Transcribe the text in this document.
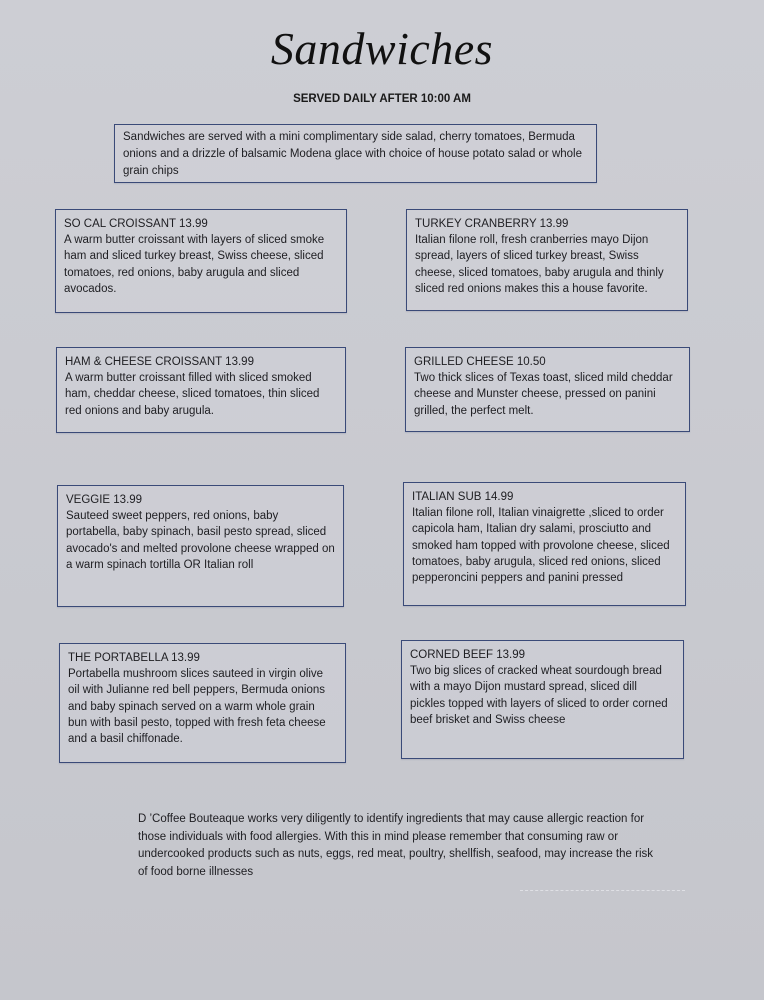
Sandwiches
SERVED DAILY AFTER 10:00 AM
Sandwiches are served with a mini complimentary side salad, cherry tomatoes, Bermuda onions and a drizzle of balsamic Modena glace with choice of house potato salad or whole grain chips
SO CAL CROISSANT 13.99
A warm butter croissant with layers of sliced smoke ham and sliced turkey breast, Swiss cheese, sliced tomatoes, red onions, baby arugula and sliced avocados.
TURKEY CRANBERRY 13.99
Italian filone roll, fresh cranberries mayo Dijon spread, layers of sliced turkey breast, Swiss cheese, sliced tomatoes, baby arugula and thinly sliced red onions makes this a house favorite.
HAM & CHEESE CROISSANT 13.99
A warm butter croissant filled with sliced smoked ham, cheddar cheese, sliced tomatoes, thin sliced red onions and baby arugula.
GRILLED CHEESE 10.50
Two thick slices of Texas toast, sliced mild cheddar cheese and Munster cheese, pressed on panini grilled, the perfect melt.
VEGGIE 13.99
Sauteed sweet peppers, red onions, baby portabella, baby spinach, basil pesto spread, sliced avocado's and melted provolone cheese wrapped on a warm spinach tortilla OR Italian roll
ITALIAN SUB 14.99
Italian filone roll, Italian vinaigrette ,sliced to order capicola ham, Italian dry salami, prosciutto and smoked ham topped with provolone cheese, sliced tomatoes, baby arugula, sliced red onions, sliced pepperoncini peppers and panini pressed
THE PORTABELLA 13.99
Portabella mushroom slices sauteed in virgin olive oil with Julianne red bell peppers, Bermuda onions and baby spinach served on a warm whole grain bun with basil pesto, topped with fresh feta cheese and a basil chiffonade.
CORNED BEEF 13.99
Two big slices of cracked wheat sourdough bread with a mayo Dijon mustard spread, sliced dill pickles topped with layers of sliced to order corned beef brisket and Swiss cheese
D ’Coffee Bouteaque works very diligently to identify ingredients that may cause allergic reaction for those individuals with food allergies. With this in mind please remember that consuming raw or undercooked products such as nuts, eggs, red meat, poultry, shellfish, seafood, may increase the risk of food borne illnesses
